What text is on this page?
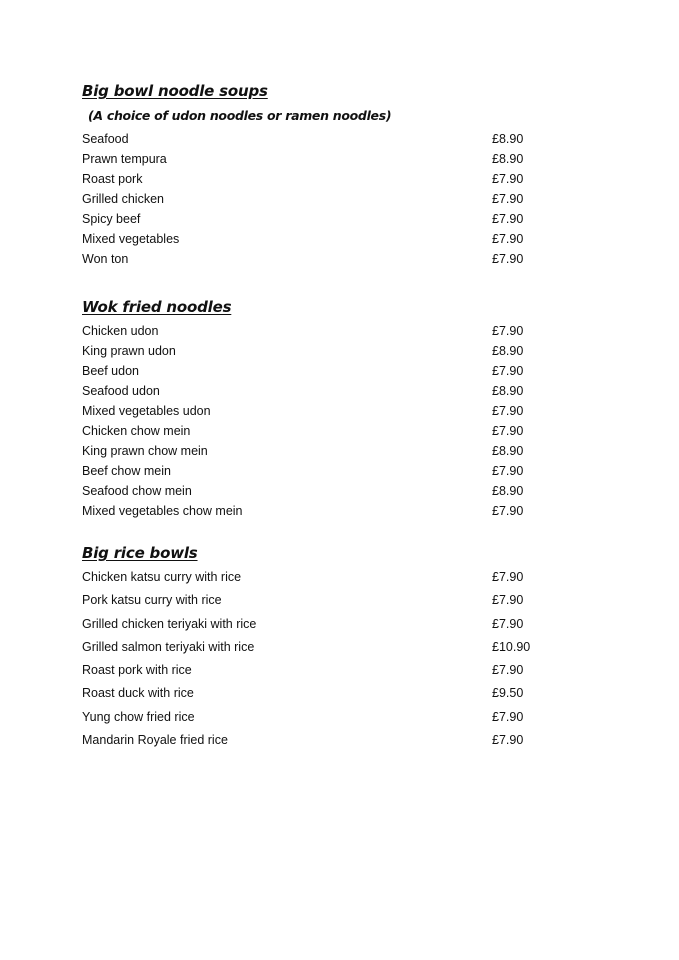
Big bowl noodle soups
(A choice of udon noodles or ramen noodles)
Seafood	£8.90
Prawn tempura	£8.90
Roast pork	£7.90
Grilled chicken	£7.90
Spicy beef	£7.90
Mixed vegetables	£7.90
Won ton	£7.90
Wok fried noodles
Chicken udon	£7.90
King prawn udon	£8.90
Beef udon	£7.90
Seafood udon	£8.90
Mixed vegetables udon	£7.90
Chicken chow mein	£7.90
King prawn chow mein	£8.90
Beef chow mein	£7.90
Seafood chow mein	£8.90
Mixed vegetables chow mein	£7.90
Big rice bowls
Chicken katsu curry with rice	£7.90
Pork katsu curry with rice	£7.90
Grilled chicken teriyaki with rice	£7.90
Grilled salmon teriyaki with rice	£10.90
Roast pork with rice	£7.90
Roast duck with rice	£9.50
Yung chow fried rice	£7.90
Mandarin Royale fried rice	£7.90
